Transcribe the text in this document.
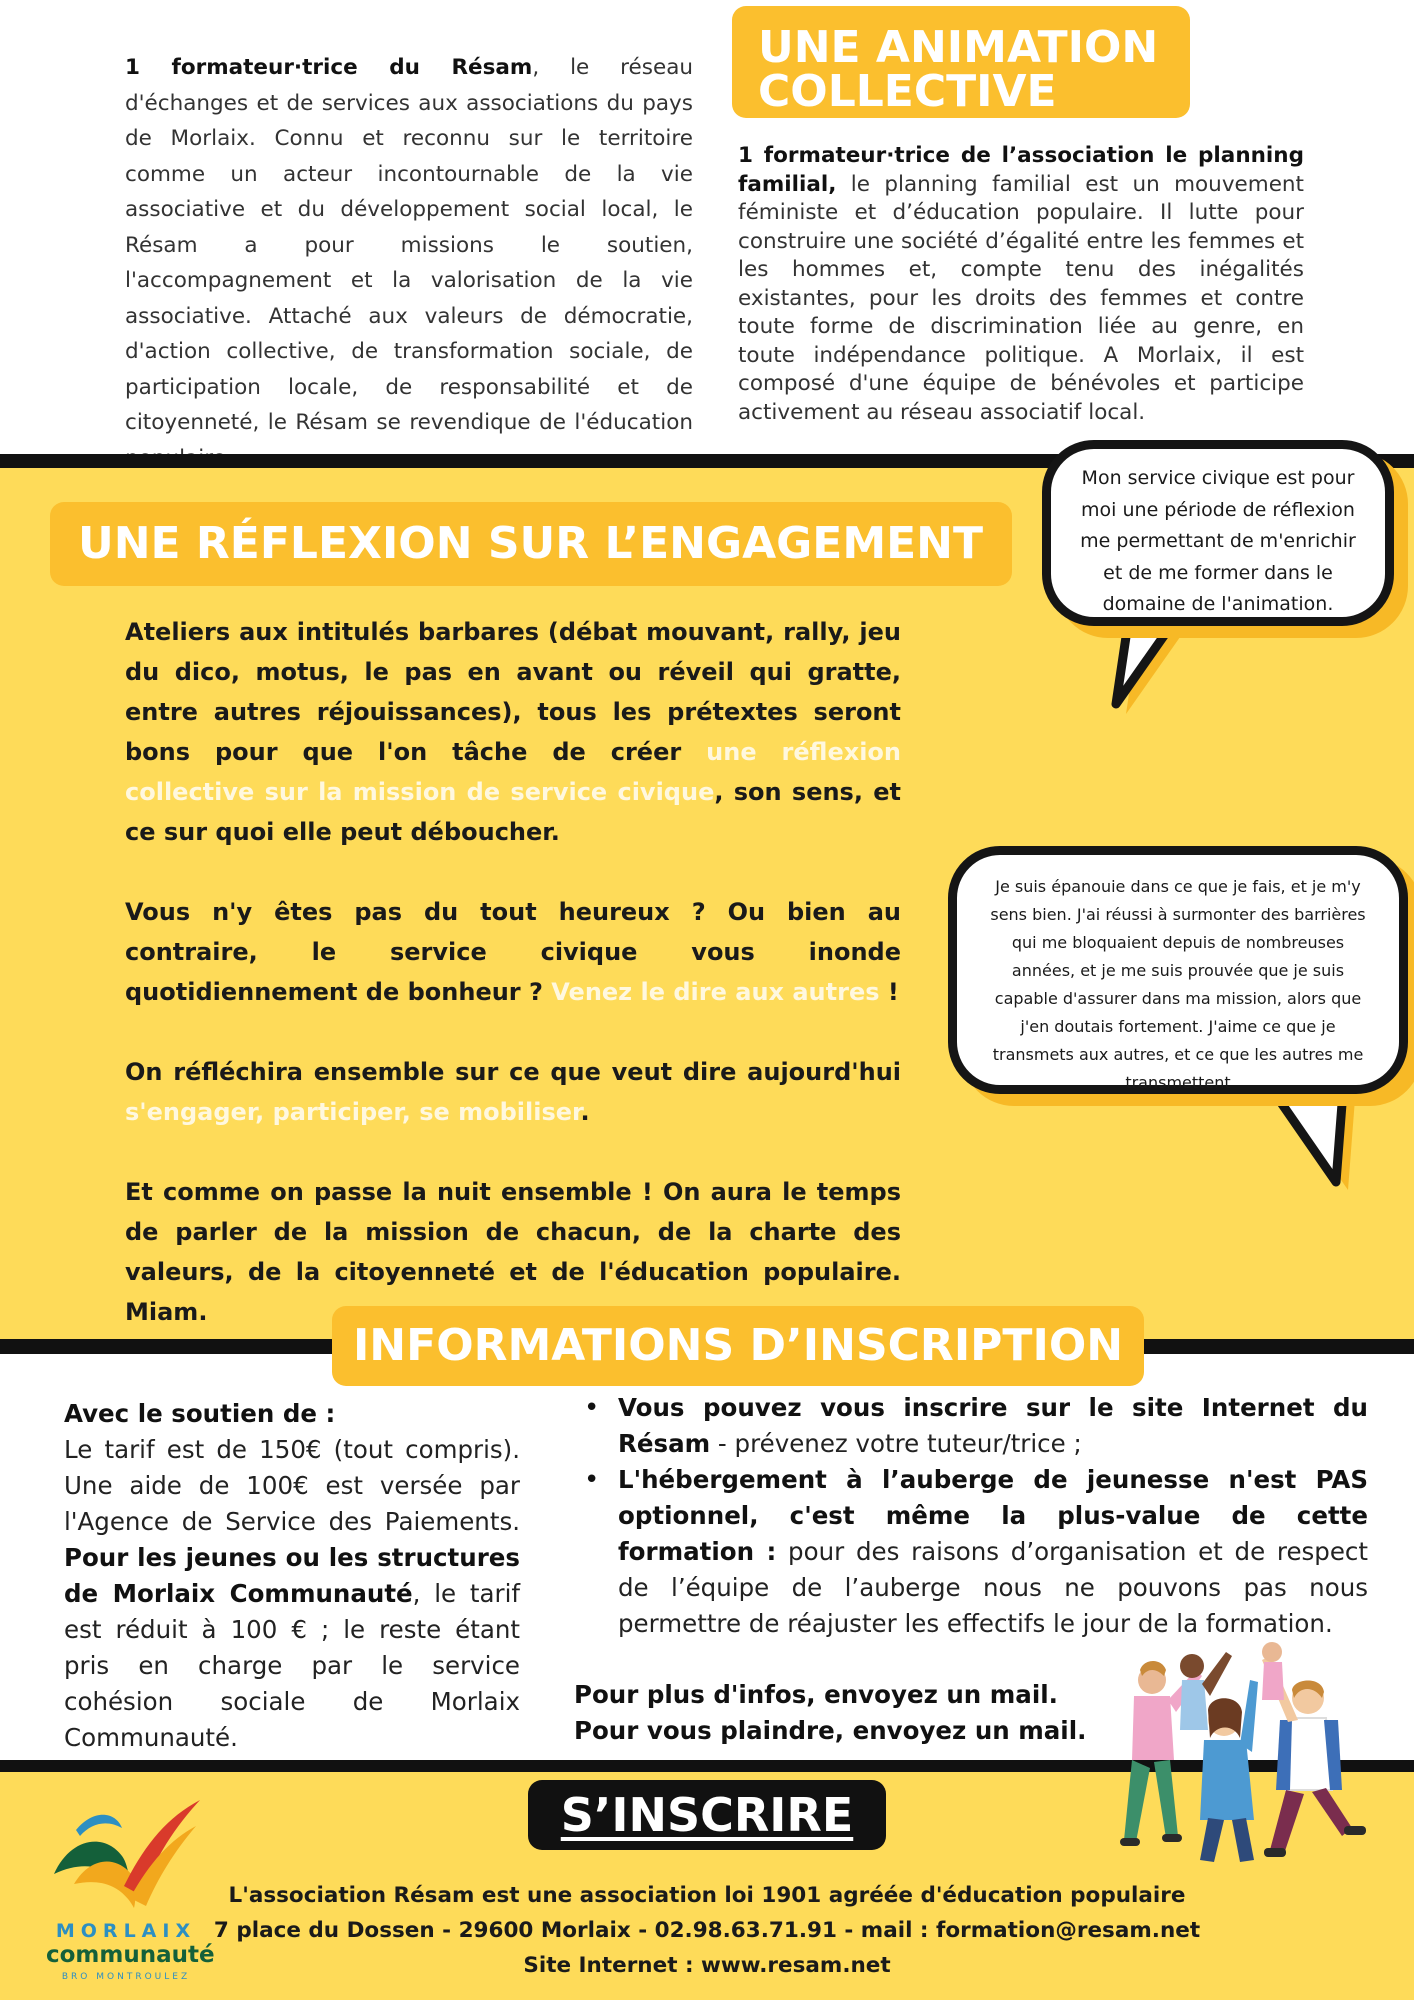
1 formateur·trice du Résam, le réseau d'échanges et de services aux associations du pays de Morlaix. Connu et reconnu sur le territoire comme un acteur incontournable de la vie associative et du développement social local, le Résam a pour missions le soutien, l'accompagnement et la valorisation de la vie associative. Attaché aux valeurs de démocratie, d'action collective, de transformation sociale, de participation locale, de responsabilité et de citoyenneté, le Résam se revendique de l'éducation

UNE ANIMATION
COLLECTIVE

1 formateur·trice de l’association le planning familial, le planning familial est un mouvement féministe et d’éducation populaire. Il lutte pour construire une société d’égalité entre les femmes et les hommes et, compte tenu des inégalités existantes, pour les droits des femmes et contre toute forme de discrimination liée au genre, en toute indépendance politique. A Morlaix, il est composé d'une équipe de bénévoles et participe activement au réseau associatif local.

UNE RÉFLEXION SUR L’ENGAGEMENT

Ateliers aux intitulés barbares (débat mouvant, rally, jeu du dico, motus, le pas en avant ou réveil qui gratte, entre autres réjouissances), tous les prétextes seront bons pour que l'on tâche de créer une réflexion collective sur la mission de service civique, son sens, et ce sur quoi elle peut déboucher.

Vous n'y êtes pas du tout heureux ? Ou bien au contraire, le service civique vous inonde quotidiennement de bonheur ? Venez le dire aux autres !

On réfléchira ensemble sur ce que veut dire aujourd'hui s'engager, participer, se mobiliser.

Et comme on passe la nuit ensemble ! On aura le temps de parler de la mission de chacun, de la charte des valeurs, de la citoyenneté et de l'éducation populaire. Miam.

Mon service civique est pour moi une période de réflexion me permettant de m'enrichir et de me former dans le domaine de l'animation.
Je suis épanouie dans ce que je fais, et je m'y sens bien. J'ai réussi à surmonter des barrières qui me bloquaient depuis de nombreuses années, et je me suis prouvée que je suis capable d'assurer dans ma mission, alors que j'en doutais fortement. J'aime ce que je transmets aux autres, et ce que les autres me transmettent
INFORMATIONS D’INSCRIPTION
Avec le soutien de :

Le tarif est de 150€ (tout compris). Une aide de 100€ est versée par l'Agence de Service des Paiements. Pour les jeunes ou les structures de Morlaix Communauté, le tarif est réduit à 100 € ; le reste étant pris en charge par le service cohésion sociale de Morlaix Communauté.

• Vous pouvez vous inscrire sur le site Internet du Résam - prévenez votre tuteur/trice ;
• L'hébergement à l’auberge de jeunesse n'est PAS optionnel, c'est même la plus-value de cette formation : pour des raisons d’organisation et de respect de l’équipe de l’auberge nous ne pouvons pas nous permettre de réajuster les effectifs le jour de la formation.
Pour plus d'infos, envoyez un mail.
Pour vous plaindre, envoyez un mail.
L'association Résam est une association loi 1901 agréée d'éducation populaire
7 place du Dossen - 29600 Morlaix - 02.98.63.71.91 - mail : formation@resam.net
Site Internet : www.resam.net
S’INSCRIRE
MORLAIX
communauté
BRO MONTROULEZ
